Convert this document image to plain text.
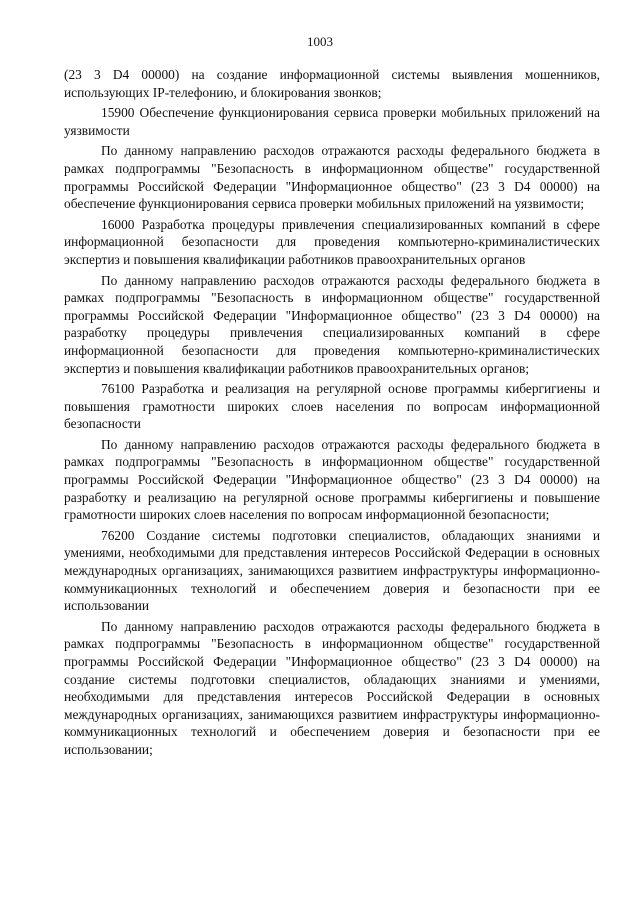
1003

(23 3 D4 00000) на создание информационной системы выявления мошенников, использующих IP-телефонию, и блокирования звонков;

15900 Обеспечение функционирования сервиса проверки мобильных приложений на уязвимости

По данному направлению расходов отражаются расходы федерального бюджета в рамках подпрограммы "Безопасность в информационном обществе" государственной программы Российской Федерации "Информационное общество" (23 3 D4 00000) на обеспечение функционирования сервиса проверки мобильных приложений на уязвимости;

16000 Разработка процедуры привлечения специализированных компаний в сфере информационной безопасности для проведения компьютерно-криминалистических экспертиз и повышения квалификации работников правоохранительных органов

По данному направлению расходов отражаются расходы федерального бюджета в рамках подпрограммы "Безопасность в информационном обществе" государственной программы Российской Федерации "Информационное общество" (23 3 D4 00000) на разработку процедуры привлечения специализированных компаний в сфере информационной безопасности для проведения компьютерно-криминалистических экспертиз и повышения квалификации работников правоохранительных органов;

76100 Разработка и реализация на регулярной основе программы кибергигиены и повышения грамотности широких слоев населения по вопросам информационной безопасности

По данному направлению расходов отражаются расходы федерального бюджета в рамках подпрограммы "Безопасность в информационном обществе" государственной программы Российской Федерации "Информационное общество" (23 3 D4 00000) на разработку и реализацию на регулярной основе программы кибергигиены и повышение грамотности широких слоев населения по вопросам информационной безопасности;

76200 Создание системы подготовки специалистов, обладающих знаниями и умениями, необходимыми для представления интересов Российской Федерации в основных международных организациях, занимающихся развитием инфраструктуры информационно-коммуникационных технологий и обеспечением доверия и безопасности при ее использовании

По данному направлению расходов отражаются расходы федерального бюджета в рамках подпрограммы "Безопасность в информационном обществе" государственной программы Российской Федерации "Информационное общество" (23 3 D4 00000) на создание системы подготовки специалистов, обладающих знаниями и умениями, необходимыми для представления интересов Российской Федерации в основных международных организациях, занимающихся развитием инфраструктуры информационно-коммуникационных технологий и обеспечением доверия и безопасности при ее использовании;
